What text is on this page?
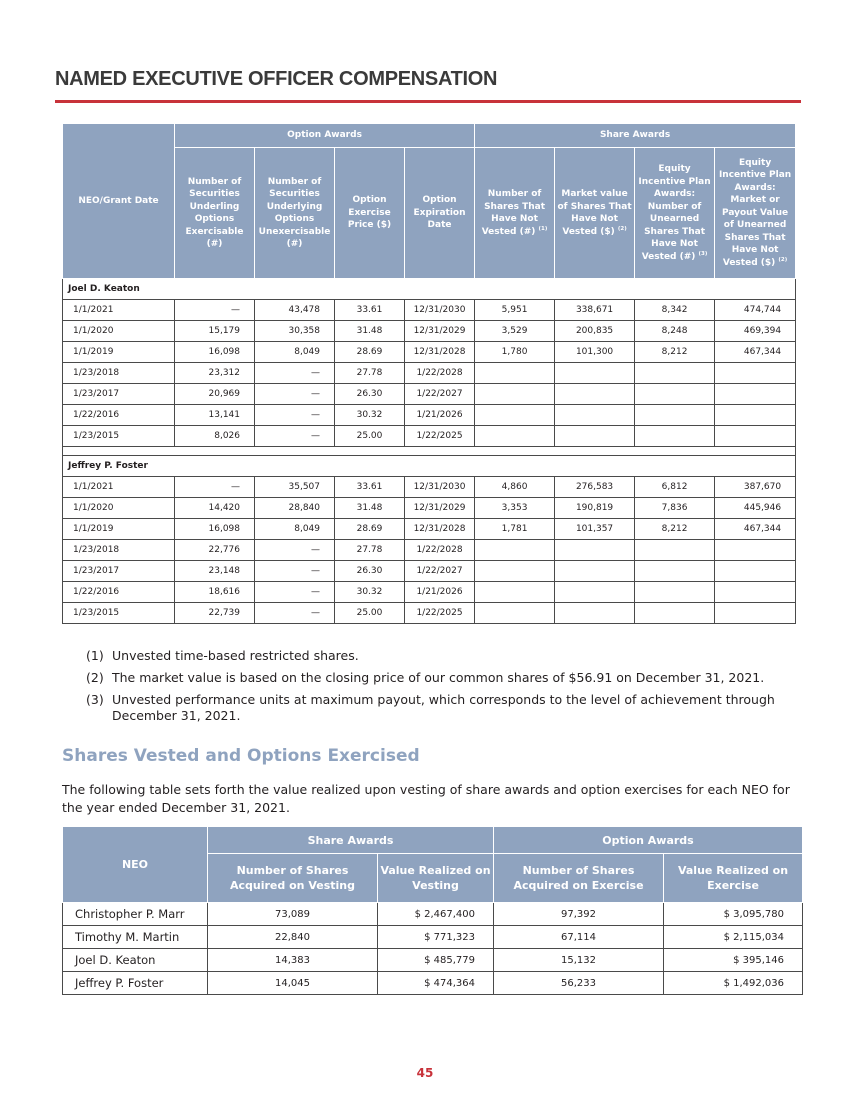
NAMED EXECUTIVE OFFICER COMPENSATION
NEO/Grant Date	Option Awards				Share Awards			
	Number of Securities Underling Options Exercisable (#)	Number of Securities Underlying Options Unexercisable (#)	Option Exercise Price ($)	Option Expiration Date	Number of Shares That Have Not Vested (#) $^{(1)}$	Market value of Shares That Have Not Vested ($) $^{(2)}$	Equity Incentive Plan Awards: Number of Unearned Shares That Have Not Vested (#) $^{(3)}$	Equity Incentive Plan Awards: Market or Payout Value of Unearned Shares That Have Not Vested ($) $^{(2)}$
Joel D. Keaton								
1/1/2021	—	43,478	33.61	12/31/2030	5,951	338,671	8,342	474,744
1/1/2020	15,179	30,358	31.48	12/31/2029	3,529	200,835	8,248	469,394
1/1/2019	16,098	8,049	28.69	12/31/2028	1,780	101,300	8,212	467,344
1/23/2018	23,312	—	27.78	1/22/2028				
1/23/2017	20,969	—	26.30	1/22/2027				
1/22/2016	13,141	—	30.32	1/21/2026				
1/23/2015	8,026	—	25.00	1/22/2025				

Jeffrey P. Foster								
1/1/2021	—	35,507	33.61	12/31/2030	4,860	276,583	6,812	387,670
1/1/2020	14,420	28,840	31.48	12/31/2029	3,353	190,819	7,836	445,946
1/1/2019	16,098	8,049	28.69	12/31/2028	1,781	101,357	8,212	467,344
1/23/2018	22,776	—	27.78	1/22/2028				
1/23/2017	23,148	—	26.30	1/22/2027				
1/22/2016	18,616	—	30.32	1/21/2026				
1/23/2015	22,739	—	25.00	1/22/2025				
(1) Unvested time-based restricted shares.
(2) The market value is based on the closing price of our common shares of $56.91 on December 31, 2021.
(3) Unvested performance units at maximum payout, which corresponds to the level of achievement through December 31, 2021.
Shares Vested and Options Exercised
The following table sets forth the value realized upon vesting of share awards and option exercises for each NEO for the year ended December 31, 2021.
NEO	Share Awards		Option Awards	
	Number of Shares Acquired on Vesting	Value Realized on Vesting	Number of Shares Acquired on Exercise	Value Realized on Exercise
Christopher P. Marr	73,089	$ 2,467,400	97,392	$ 3,095,780
Timothy M. Martin	22,840	$ 771,323	67,114	$ 2,115,034
Joel D. Keaton	14,383	$ 485,779	15,132	$ 395,146
Jeffrey P. Foster	14,045	$ 474,364	56,233	$ 1,492,036
45
